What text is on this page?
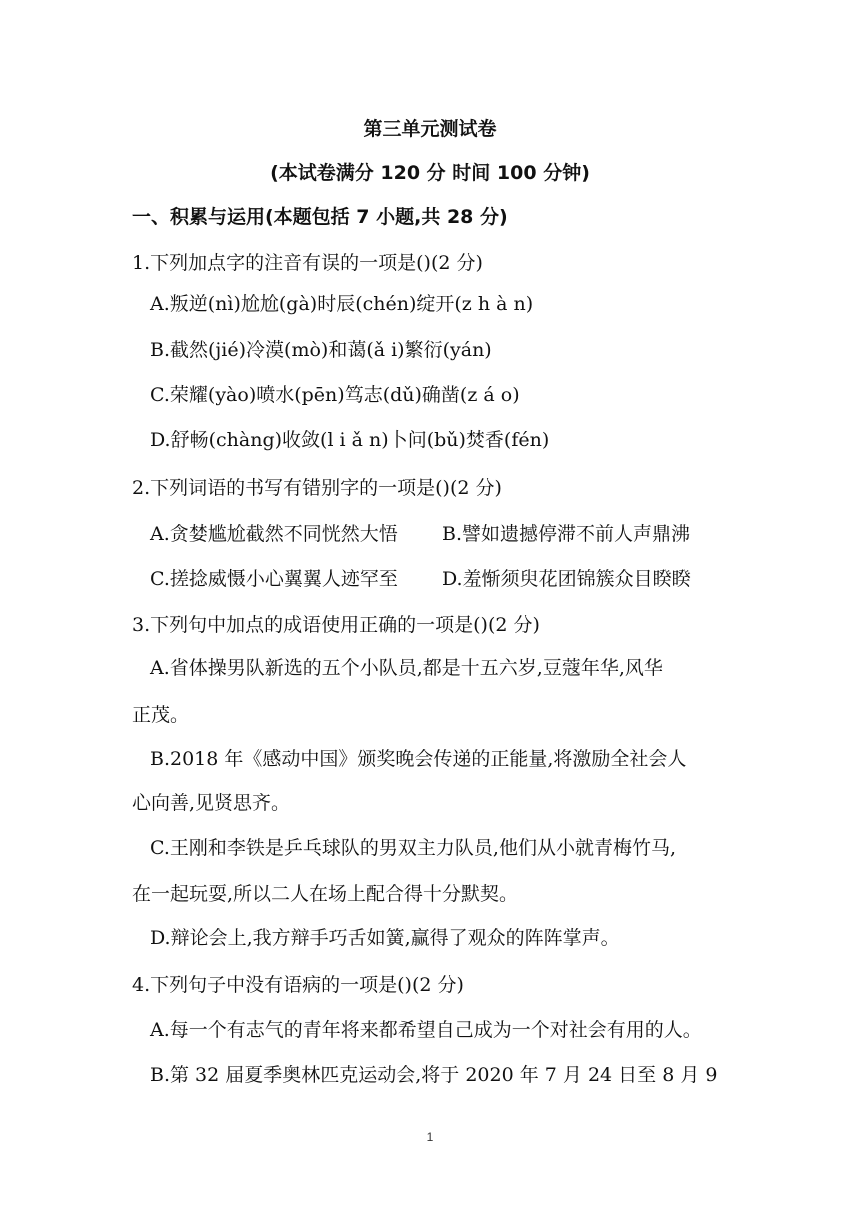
第三单元测试卷
(本试卷满分 120 分 时间 100 分钟)
一、积累与运用(本题包括 7 小题,共 28 分)
1.下列加点字的注音有误的一项是()(2 分)
A.叛逆(nì)尬尬(gà)时辰(chén)绽开(z h à n)
B.截然(jié)冷漠(mò)和蔼(ǎ i)繁衍(yán)
C.荣耀(yào)喷水(pēn)笃志(dǔ)确凿(z á o)
D.舒畅(chàng)收敛(l i ǎ n)卜问(bǔ)焚香(fén)
2.下列词语的书写有错别字的一项是()(2 分)
A.贪婪尴尬截然不同恍然大悟 B.譬如遗撼停滞不前人声鼎沸
C.搓捻威慑小心翼翼人迹罕至 D.羞惭须臾花团锦簇众目睽睽
3.下列句中加点的成语使用正确的一项是()(2 分)
A.省体操男队新选的五个小队员,都是十五六岁,豆蔻年华,风华
正茂。
B.2018 年《感动中国》颁奖晚会传递的正能量,将激励全社会人
心向善,见贤思齐。
C.王刚和李铁是乒乓球队的男双主力队员,他们从小就青梅竹马,
在一起玩耍,所以二人在场上配合得十分默契。
D.辩论会上,我方辩手巧舌如簧,赢得了观众的阵阵掌声。
4.下列句子中没有语病的一项是()(2 分)
A.每一个有志气的青年将来都希望自己成为一个对社会有用的人。
B.第 32 届夏季奥林匹克运动会,将于 2020 年 7 月 24 日至 8 月 9
1
